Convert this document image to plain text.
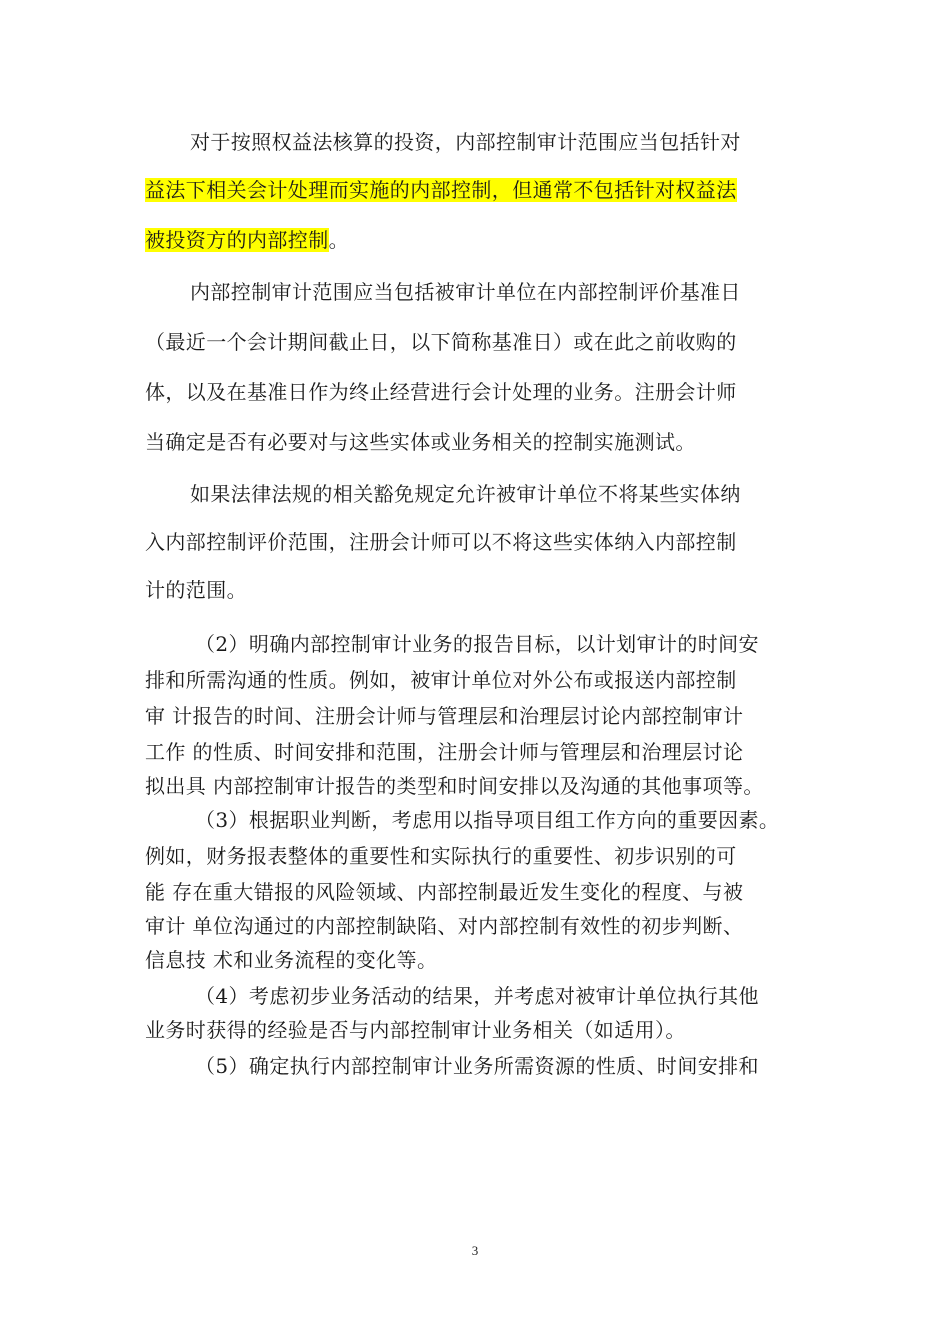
对于按照权益法核算的投资，内部控制审计范围应当包括针对
益法下相关会计处理而实施的内部控制，但通常不包括针对权益法
被投资方的内部控制。
内部控制审计范围应当包括被审计单位在内部控制评价基准日
（最近一个会计期间截止日，以下简称基准日）或在此之前收购的
体，以及在基准日作为终止经营进行会计处理的业务。注册会计师
当确定是否有必要对与这些实体或业务相关的控制实施测试。
如果法律法规的相关豁免规定允许被审计单位不将某些实体纳
入内部控制评价范围，注册会计师可以不将这些实体纳入内部控制
计的范围。
（2）明确内部控制审计业务的报告目标，以计划审计的时间安
排和所需沟通的性质。例如，被审计单位对外公布或报送内部控制
审 计报告的时间、注册会计师与管理层和治理层讨论内部控制审计
工作 的性质、时间安排和范围，注册会计师与管理层和治理层讨论
拟出具 内部控制审计报告的类型和时间安排以及沟通的其他事项等。
（3）根据职业判断，考虑用以指导项目组工作方向的重要因素。
例如，财务报表整体的重要性和实际执行的重要性、初步识别的可
能 存在重大错报的风险领域、内部控制最近发生变化的程度、与被
审计 单位沟通过的内部控制缺陷、对内部控制有效性的初步判断、
信息技 术和业务流程的变化等。
（4）考虑初步业务活动的结果，并考虑对被审计单位执行其他
业务时获得的经验是否与内部控制审计业务相关（如适用）。
（5）确定执行内部控制审计业务所需资源的性质、时间安排和
3
